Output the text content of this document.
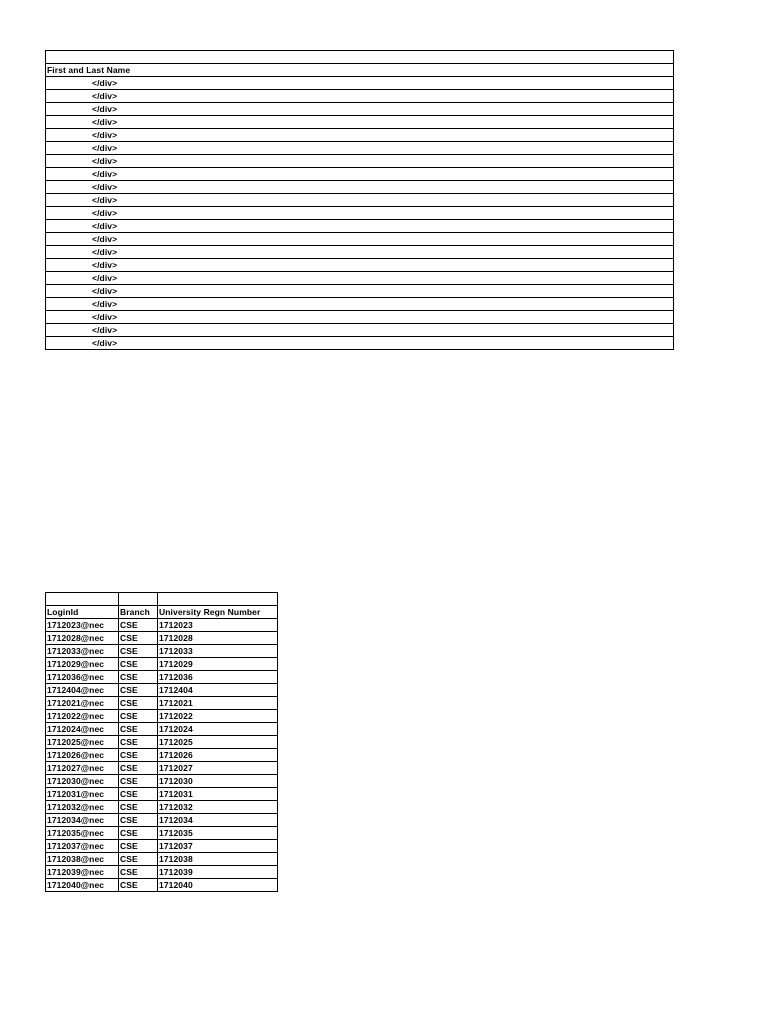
First and Last Name
</div>
</div>
</div>
</div>
</div>
</div>
</div>
</div>
</div>
</div>
</div>
</div>
</div>
</div>
</div>
</div>
</div>
</div>
</div>
</div>
</div>

LoginId	Branch	University Regn Number
1712023@nec	CSE	1712023
1712028@nec	CSE	1712028
1712033@nec	CSE	1712033
1712029@nec	CSE	1712029
1712036@nec	CSE	1712036
1712404@nec	CSE	1712404
1712021@nec	CSE	1712021
1712022@nec	CSE	1712022
1712024@nec	CSE	1712024
1712025@nec	CSE	1712025
1712026@nec	CSE	1712026
1712027@nec	CSE	1712027
1712030@nec	CSE	1712030
1712031@nec	CSE	1712031
1712032@nec	CSE	1712032
1712034@nec	CSE	1712034
1712035@nec	CSE	1712035
1712037@nec	CSE	1712037
1712038@nec	CSE	1712038
1712039@nec	CSE	1712039
1712040@nec	CSE	1712040
